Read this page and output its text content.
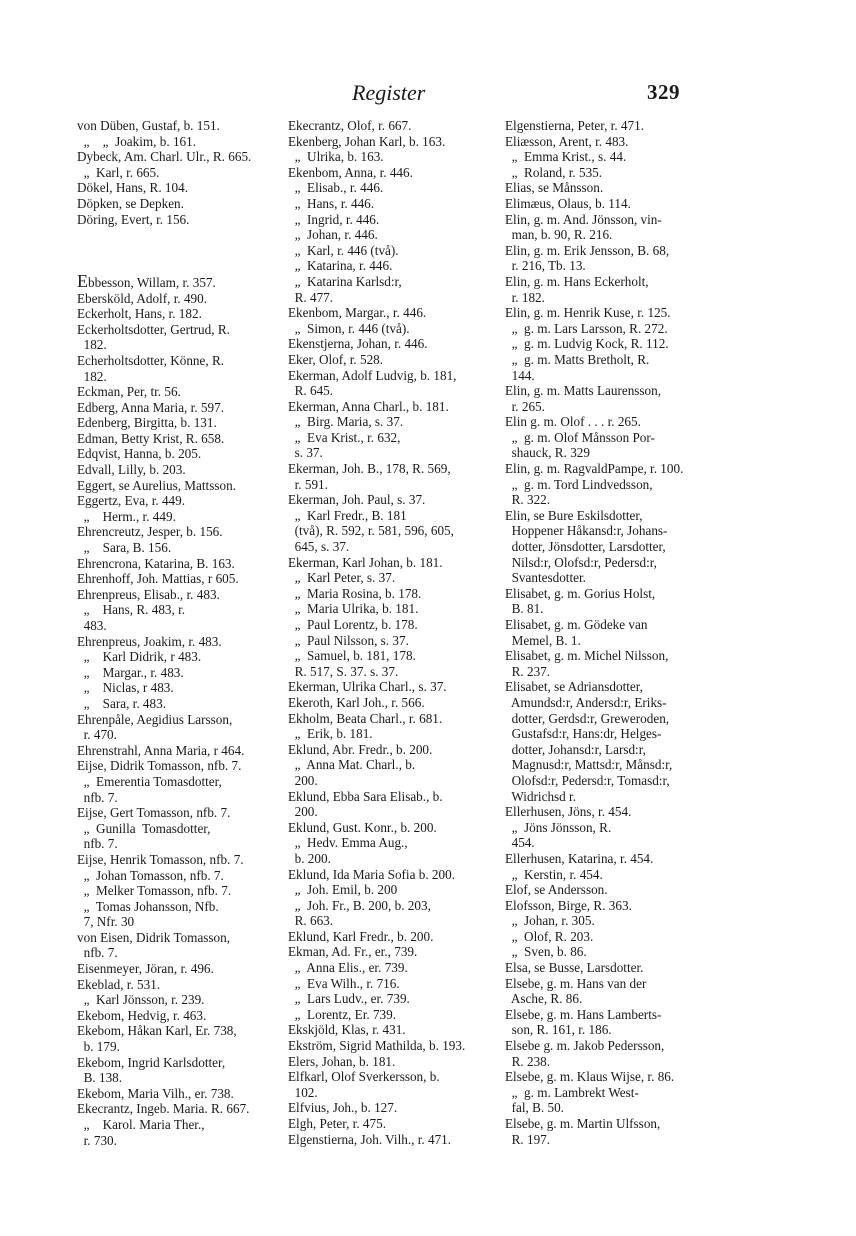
Register	329
von Düben, Gustaf, b. 151.
„    „  Joakim, b. 161.
Dybeck, Am. Charl. Ulr., R. 665.
„  Karl, r. 665.
Dökel, Hans, R. 104.
Döpken, se Depken.
Döring, Evert, r. 156.
Ebbesson, Willam, r. 357.
Ebersköld, Adolf, r. 490.
Eckerholt, Hans, r. 182.
Eckerholtsdotter, Gertrud, R.
182.
Echerholtsdotter, Könne, R.
182.
Eckman, Per, tr. 56.
Edberg, Anna Maria, r. 597.
Edenberg, Birgitta, b. 131.
Edman, Betty Krist, R. 658.
Edqvist, Hanna, b. 205.
Edvall, Lilly, b. 203.
Eggert, se Aurelius, Mattsson.
Eggertz, Eva, r. 449.
„    Herm., r. 449.
Ehrencreutz, Jesper, b. 156.
„    Sara, B. 156.
Ehrencrona, Katarina, B. 163.
Ehrenhoff, Joh. Mattias, r 605.
Ehrenpreus, Elisab., r. 483.
„    Hans, R. 483, r.
483.
Ehrenpreus, Joakim, r. 483.
„    Karl Didrik, r 483.
„    Margar., r. 483.
„    Niclas, r 483.
„    Sara, r. 483.
Ehrenpåle, Aegidius Larsson,
r. 470.
Ehrenstrahl, Anna Maria, r 464.
Eijse, Didrik Tomasson, nfb. 7.
„  Emerentia Tomasdotter,
nfb. 7.
Eijse, Gert Tomasson, nfb. 7.
„  Gunilla  Tomasdotter,
nfb. 7.
Eijse, Henrik Tomasson, nfb. 7.
„  Johan Tomasson, nfb. 7.
„  Melker Tomasson, nfb. 7.
„  Tomas Johansson, Nfb.
7, Nfr. 30
von Eisen, Didrik Tomasson,
nfb. 7.
Eisenmeyer, Jöran, r. 496.
Ekeblad, r. 531.
„  Karl Jönsson, r. 239.
Ekebom, Hedvig, r. 463.
Ekebom, Håkan Karl, Er. 738,
b. 179.
Ekebom, Ingrid Karlsdotter,
B. 138.
Ekebom, Maria Vilh., er. 738.
Ekecrantz, Ingeb. Maria. R. 667.
„    Karol. Maria Ther.,
r. 730.
Ekecrantz, Olof, r. 667.
Ekenberg, Johan Karl, b. 163.
„  Ulrika, b. 163.
Ekenbom, Anna, r. 446.
„  Elisab., r. 446.
„  Hans, r. 446.
„  Ingrid, r. 446.
„  Johan, r. 446.
„  Karl, r. 446 (två).
„  Katarina, r. 446.
„  Katarina Karlsd:r,
R. 477.
Ekenbom, Margar., r. 446.
„  Simon, r. 446 (två).
Ekenstjerna, Johan, r. 446.
Eker, Olof, r. 528.
Ekerman, Adolf Ludvig, b. 181,
R. 645.
Ekerman, Anna Charl., b. 181.
„  Birg. Maria, s. 37.
„  Eva Krist., r. 632,
s. 37.
Ekerman, Joh. B., 178, R. 569,
r. 591.
Ekerman, Joh. Paul, s. 37.
„  Karl Fredr., B. 181
(två), R. 592, r. 581, 596, 605,
645, s. 37.
Ekerman, Karl Johan, b. 181.
„  Karl Peter, s. 37.
„  Maria Rosina, b. 178.
„  Maria Ulrika, b. 181.
„  Paul Lorentz, b. 178.
„  Paul Nilsson, s. 37.
„  Samuel, b. 181, 178.
R. 517, S. 37. s. 37.
Ekerman, Ulrika Charl., s. 37.
Ekeroth, Karl Joh., r. 566.
Ekholm, Beata Charl., r. 681.
„  Erik, b. 181.
Eklund, Abr. Fredr., b. 200.
„  Anna Mat. Charl., b.
200.
Eklund, Ebba Sara Elisab., b.
200.
Eklund, Gust. Konr., b. 200.
„  Hedv. Emma Aug.,
b. 200.
Eklund, Ida Maria Sofia b. 200.
„  Joh. Emil, b. 200
„  Joh. Fr., B. 200, b. 203,
R. 663.
Eklund, Karl Fredr., b. 200.
Ekman, Ad. Fr., er., 739.
„  Anna Elis., er. 739.
„  Eva Wilh., r. 716.
„  Lars Ludv., er. 739.
„  Lorentz, Er. 739.
Ekskjöld, Klas, r. 431.
Ekström, Sigrid Mathilda, b. 193.
Elers, Johan, b. 181.
Elfkarl, Olof Sverkersson, b.
102.
Elfvius, Joh., b. 127.
Elgh, Peter, r. 475.
Elgenstierna, Joh. Vilh., r. 471.
Elgenstierna, Peter, r. 471.
Eliæsson, Arent, r. 483.
„  Emma Krist., s. 44.
„  Roland, r. 535.
Elias, se Månsson.
Elimæus, Olaus, b. 114.
Elin, g. m. And. Jönsson, vin-
man, b. 90, R. 216.
Elin, g. m. Erik Jensson, B. 68,
r. 216, Tb. 13.
Elin, g. m. Hans Eckerholt,
r. 182.
Elin, g. m. Henrik Kuse, r. 125.
„  g. m. Lars Larsson, R. 272.
„  g. m. Ludvig Kock, R. 112.
„  g. m. Matts Bretholt, R.
144.
Elin, g. m. Matts Laurensson,
r. 265.
Elin g. m. Olof . . . r. 265.
„  g. m. Olof Månsson Por-
shauck, R. 329
Elin, g. m. RagvaldPampe, r. 100.
„  g. m. Tord Lindvedsson,
R. 322.
Elin, se Bure Eskilsdotter,
Hoppener Håkansd:r, Johans-
dotter, Jönsdotter, Larsdotter,
Nilsd:r, Olofsd:r, Pedersd:r,
Svantesdotter.
Elisabet, g. m. Gorius Holst,
B. 81.
Elisabet, g. m. Gödeke van
Memel, B. 1.
Elisabet, g. m. Michel Nilsson,
R. 237.
Elisabet, se Adriansdotter,
Amundsd:r, Andersd:r, Eriks-
dotter, Gerdsd:r, Greweroden,
Gustafsd:r, Hans:dr, Helges-
dotter, Johansd:r, Larsd:r,
Magnusd:r, Mattsd:r, Månsd:r,
Olofsd:r, Pedersd:r, Tomasd:r,
Widrichsd r.
Ellerhusen, Jöns, r. 454.
„  Jöns Jönsson, R.
454.
Ellerhusen, Katarina, r. 454.
„  Kerstin, r. 454.
Elof, se Andersson.
Elofsson, Birge, R. 363.
„  Johan, r. 305.
„  Olof, R. 203.
„  Sven, b. 86.
Elsa, se Busse, Larsdotter.
Elsebe, g. m. Hans van der
Asche, R. 86.
Elsebe, g. m. Hans Lamberts-
son, R. 161, r. 186.
Elsebe g. m. Jakob Pedersson,
R. 238.
Elsebe, g. m. Klaus Wijse, r. 86.
„  g. m. Lambrekt West-
fal, B. 50.
Elsebe, g. m. Martin Ulfsson,
R. 197.
